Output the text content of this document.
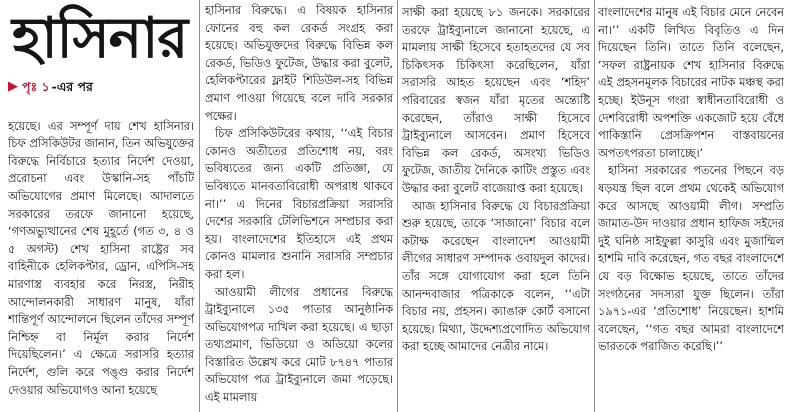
হাসিনার
▶ পৃঃ ১ -এর পর

হয়েছে। এর সম্পূর্ণ দায় শেখ হাসিনার। চিফ প্রসিকিউটর জানান, তিন অভিযুক্তের বিরুদ্ধে নির্বিচারে হত্যার নির্দেশ দেওয়া, প্ররোচনা এবং উস্কানি-সহ পাঁচটি অভিযোগের প্রমাণ মিলেছে। আদালতে সরকারের তরফে জানানো হয়েছে, ‘গণঅভ্যুত্থানের শেষ মুহূর্তে (গত ৩, ৪ ও ৫ অগস্ট) শেখ হাসিনা রাষ্ট্রের সব বাহিনীকে হেলিকপ্টার, ড্রোন, এপিসি-সহ মারণাস্ত্র ব্যবহার করে নিরস্ত্র, নিরীহ আন্দোলনকারী সাধারণ মানুষ, যাঁরা শান্তিপূর্ণ আন্দোলনে ছিলেন তাঁদের সম্পূর্ণ নিশ্চিহ্ন বা নির্মূল করার নির্দেশ দিয়েছিলেন।’ এ ক্ষেত্রে সরাসরি হত্যার নির্দেশ, গুলি করে পঙ্গু করার নির্দেশ দেওয়ার অভিযোগও আনা হয়েছে

হাসিনার বিরুদ্ধে। এ বিষয়ক হাসিনার ফোনের বহু কল রেকর্ড সংগ্রহ করা হয়েছে। অভিযুক্তদের বিরুদ্ধে বিভিন্ন কল রেকর্ড, ভিডিও ফুটেজ, উদ্ধার করা বুলেট, হেলিকপ্টারের ফ্লাইট শিডিউল-সহ বিভিন্ন প্রমাণ পাওয়া গিয়েছে বলে দাবি সরকার পক্ষের।

চিফ প্রসিকিউটরের কথায়, ‘‘এই বিচার কোনও অতীতের প্রতিশোধ নয়, বরং ভবিষ্যতের জন্য একটি প্রতিজ্ঞা, যে ভবিষ্যতে মানবতাবিরোধী অপরাধ থাকবে না।’’ এ দিনের বিচারপ্রক্রিয়া সরাসরি দেশের সরকারি টেলিভিশনে সম্প্রচার করা হয়। বাংলাদেশের ইতিহাসে এই প্রথম কোনও মামলার শুনানি সরাসরি সম্প্রচার করা হল।

আওয়ামী লীগের প্রধানের বিরুদ্ধে ট্রাইব্যুনালে ১৩৫ পাতার আনুষ্ঠানিক অভিযোগপত্র দাখিল করা হয়েছে। এ ছাড়া তথ্যপ্রমাণ, ভিডিয়ো ও অডিয়ো কলের বিস্তারিত উল্লেখ করে মোট ৮৭৪৭ পাতার অভিযোগ পত্র ট্রাইব্যুনালে জমা পড়েছে। এই মামলায়

সাক্ষী করা হয়েছে ৮১ জনকে। সরকারের তরফে ট্রাইব্যুনালে জানানো হয়েছে, এ মামলায় সাক্ষী হিসেবে হতাহতদের যে সব চিকিৎসক চিকিৎসা করেছিলেন, যাঁরা সরাসরি আহত হয়েছেন এবং ‘শহিদ’ পরিবারের স্বজন যাঁরা মৃতের অন্ত্যেষ্টি করেছেন, তাঁরাও সাক্ষী হিসেবে ট্রাইব্যুনালে আসবেন। প্রমাণ হিসেবে বিভিন্ন কল রেকর্ড, অসংখ্য ভিডিও ফুটেজ, জাতীয় দৈনিকে কাটিং প্রস্তুত এবং উদ্ধার করা বুলেট বাজেয়াপ্ত করা হয়েছে।

আজ হাসিনার বিরুদ্ধে যে বিচারপ্রক্রিয়া শুরু হয়েছে, তাকে ‘সাজানো’ বিচার বলে কটাক্ষ করেছেন বাংলাদেশ আওয়ামী লীগের সাধারণ সম্পাদক ওবায়দুল কাদের। তাঁর সঙ্গে যোগাযোগ করা হলে তিনি আনন্দবাজার পত্রিকাকে বলেন, ‘‘এটা বিচার নয়, প্রহসন। ক্যাঙারু কোর্ট বসানো হয়েছে। মিথ্যা, উদ্দেশ্যপ্রণোদিত অভিযোগ করা হচ্ছে আমাদের নেত্রীর নামে।

বাংলাদেশের মানুষ এই বিচার মেনে নেবেন না।’’ একটি লিখিত বিবৃতিও এ দিন দিয়েছেন তিনি। তাতে তিনি বলেছেন, ‘সফল রাষ্ট্রনায়ক শেখ হাসিনার বিরুদ্ধে এই প্রহসনমূলক বিচারের নাটক মঞ্চস্থ করা হচ্ছে। ইউনূস গংরা স্বাধীনতাবিরোধী ও দেশবিরোধী অপশক্তি একজোট হয়ে বেঁধে পাকিস্তানি প্রেসক্রিপশন বাস্তবায়নের অপতৎপরতা চালাচ্ছে।’

হাসিনা সরকারের পতনের পিছনে বড় ষড়যন্ত্র ছিল বলে প্রথম থেকেই অভিযোগ করে আসছে আওয়ামী লীগ। সম্প্রতি জামাত-উদ দাওয়ার প্রধান হাফিজ সইদের দুই ঘনিষ্ঠ সাইফুল্লা কাসুরি এবং মুজাম্মিল হাশমি দাবি করেছেন, গত বছর বাংলাদেশে যে বড় বিক্ষোভ হয়েছে, তাতে তাঁদের সংগঠনের সদস্যরা যুক্ত ছিলেন। তাঁরা ১৯৭১-এর ‘প্রতিশোধ’ নিয়েছেন। হাশমি বলেছেন, ‘‘গত বছর আমরা বাংলাদেশে ভারতকে পরাজিত করেছি।’’
